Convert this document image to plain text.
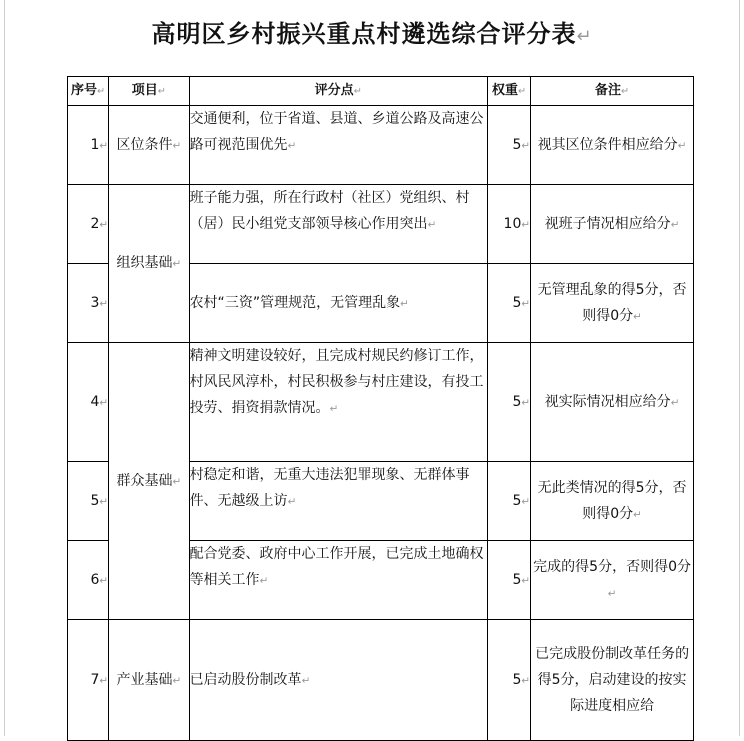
高明区乡村振兴重点村遴选综合评分表↵
序号↵	项目↵	评分点↵	权重↵	备注↵
1↵	区位条件↵	交通便利，位于省道、县道、乡道公路及高速公路可视范围优先↵	5↵	视其区位条件相应给分↵
2↵	组织基础↵	班子能力强，所在行政村（社区）党组织、村（居）民小组党支部领导核心作用突出↵	10↵	视班子情况相应给分↵
3↵		农村“三资”管理规范，无管理乱象↵	5↵	无管理乱象的得5分，否则得0分↵
4↵	群众基础↵	精神文明建设较好，且完成村规民约修订工作，村风民风淳朴，村民积极参与村庄建设，有投工投劳、捐资捐款情况。↵	5↵	视实际情况相应给分↵
5↵		村稳定和谐，无重大违法犯罪现象、无群体事件、无越级上访↵	5↵	无此类情况的得5分，否则得0分↵
6↵		配合党委、政府中心工作开展，已完成土地确权等相关工作↵	5↵	完成的得5分，否则得0分↵
7↵	产业基础↵	已启动股份制改革↵	5↵	已完成股份制改革任务的得5分，启动建设的按实际进度相应给
